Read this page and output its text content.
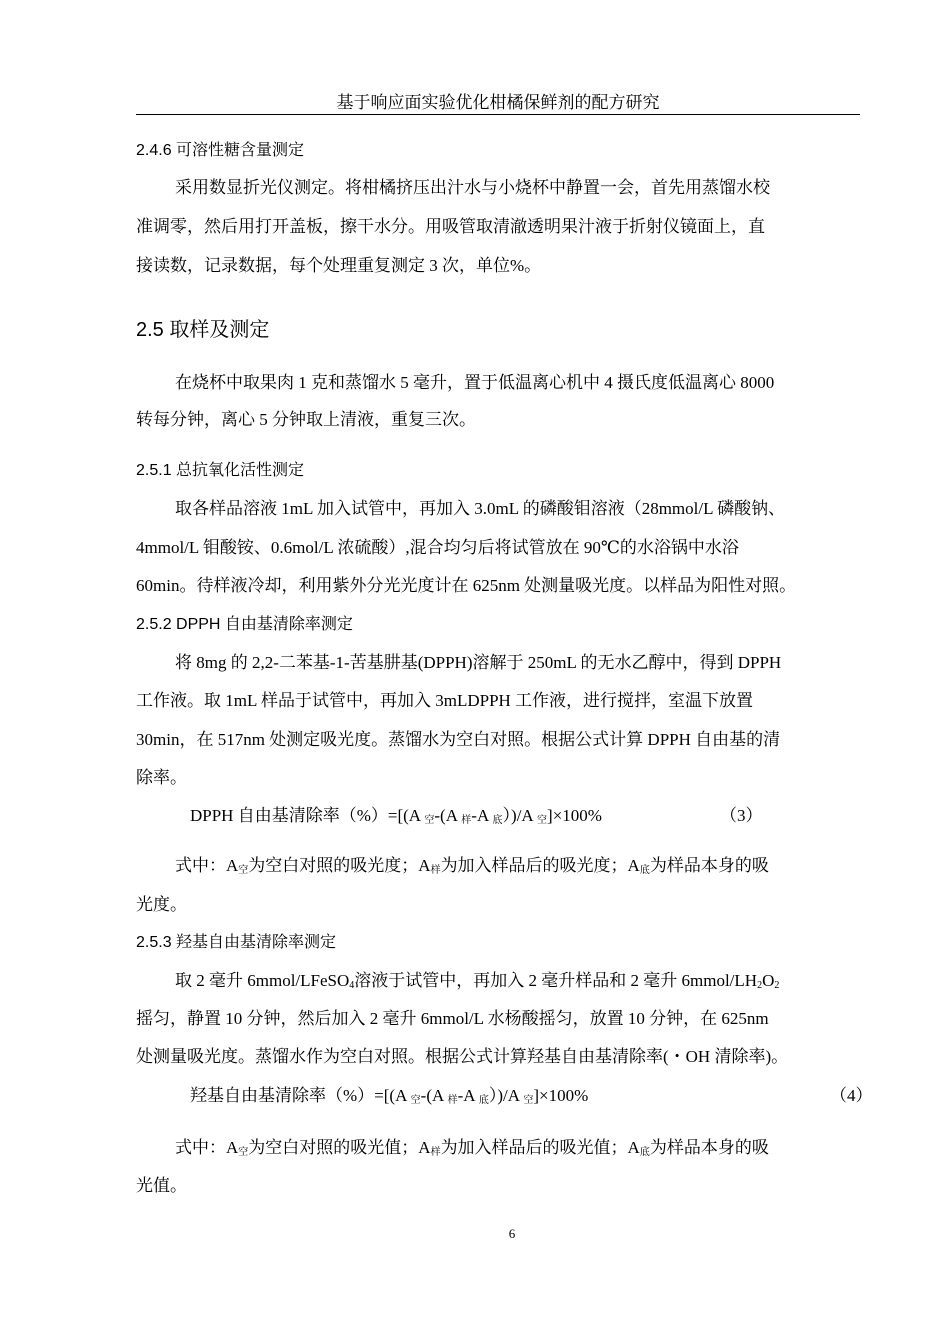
基于响应面实验优化柑橘保鲜剂的配方研究
2.4.6 可溶性糖含量测定
采用数显折光仪测定。将柑橘挤压出汁水与小烧杯中静置一会，首先用蒸馏水校
准调零，然后用打开盖板，擦干水分。用吸管取清澈透明果汁液于折射仪镜面上，直
接读数，记录数据，每个处理重复测定 3 次，单位%。
2.5 取样及测定
在烧杯中取果肉 1 克和蒸馏水 5 毫升，置于低温离心机中 4 摄氏度低温离心 8000
转每分钟，离心 5 分钟取上清液，重复三次。
2.5.1 总抗氧化活性测定
取各样品溶液 1mL 加入试管中，再加入 3.0mL 的磷酸钼溶液（28mmol/L 磷酸钠、
4mmol/L 钼酸铵、0.6mol/L 浓硫酸）,混合均匀后将试管放在 90℃的水浴锅中水浴
60min。待样液冷却，利用紫外分光光度计在 625nm 处测量吸光度。以样品为阳性对照。
2.5.2 DPPH 自由基清除率测定
将 8mg 的 2,2-二苯基-1-苦基肼基(DPPH)溶解于 250mL 的无水乙醇中，得到 DPPH
工作液。取 1mL 样品于试管中，再加入 3mLDPPH 工作液，进行搅拌，室温下放置
30min，在 517nm 处测定吸光度。蒸馏水为空白对照。根据公式计算 DPPH 自由基的清
除率。
DPPH 自由基清除率（%）=[(A $_空$-(A $_样$-A $_底$）)/A $_空$]×100%	（3）
式中：$A_空$为空白对照的吸光度；$A_样$为加入样品后的吸光度；$A_底$为样品本身的吸
光度。
2.5.3 羟基自由基清除率测定
取 2 毫升 6mmol/LFeSO$_4$溶液于试管中，再加入 2 毫升样品和 2 毫升 $6mmol/LH_2O_2$
摇匀，静置 10 分钟，然后加入 2 毫升 6mmol/L 水杨酸摇匀，放置 10 分钟，在 625nm
处测量吸光度。蒸馏水作为空白对照。根据公式计算羟基自由基清除率(・OH 清除率)。
羟基自由基清除率（%）=[(A $_空$-(A $_样$-A $_底$）)/A $_空$]×100%	（4）
式中：$A_空$为空白对照的吸光值；$A_样$为加入样品后的吸光值；$A_底$为样品本身的吸
光值。
6
